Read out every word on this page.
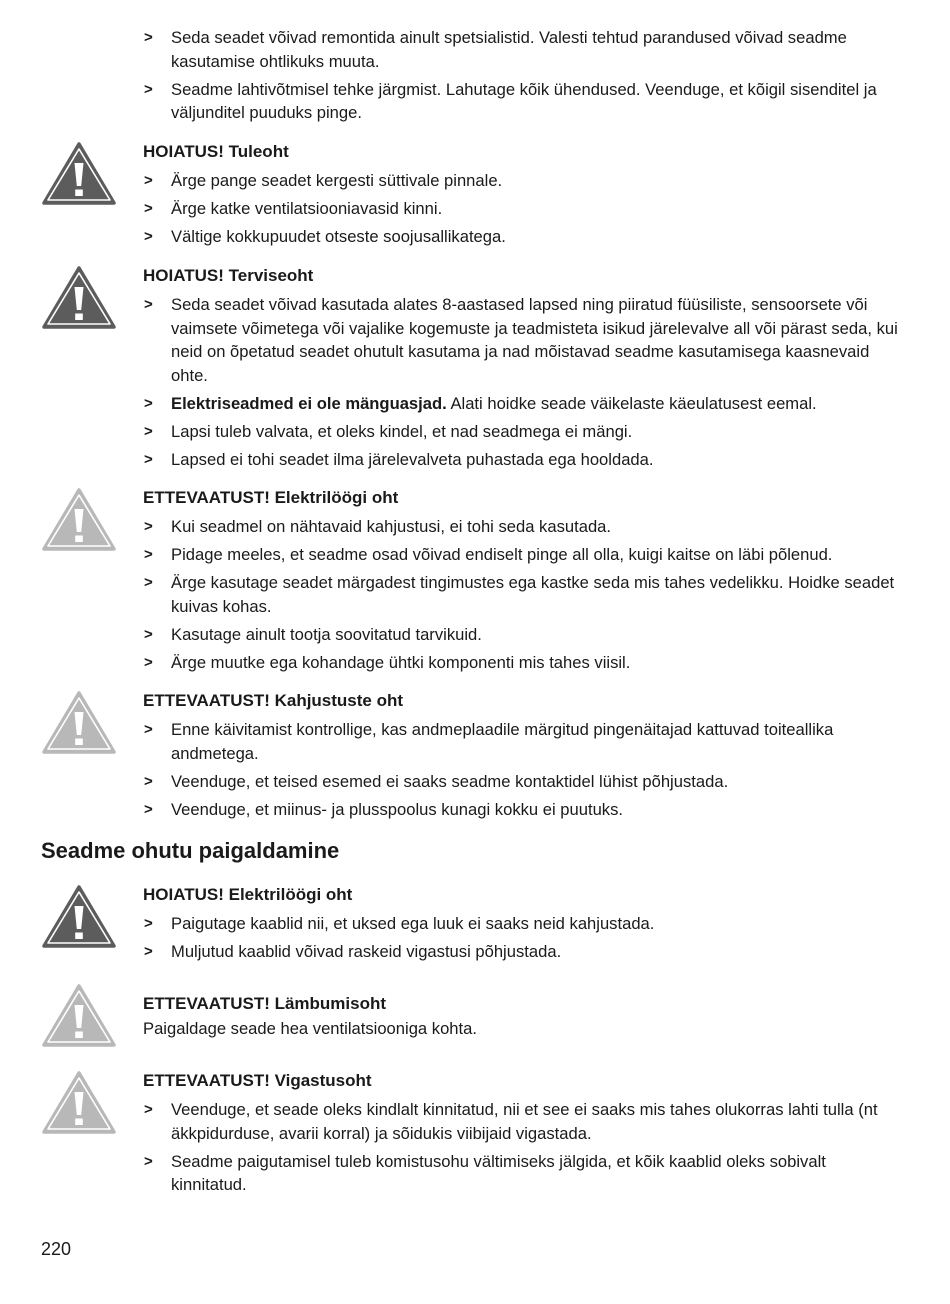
> Seda seadet võivad remontida ainult spetsialistid. Valesti tehtud parandused võivad seadme kasutamise ohtlikuks muuta.
> Seadme lahtivõtmisel tehke järgmist. Lahutage kõik ühendused. Veenduge, et kõigil sisenditel ja väljunditel puuduks pinge.
HOIATUS! Tuleoht
> Ärge pange seadet kergesti süttivale pinnale.
> Ärge katke ventilatsiooniavasid kinni.
> Vältige kokkupuudet otseste soojusallikatega.
HOIATUS! Terviseoht
> Seda seadet võivad kasutada alates 8-aastased lapsed ning piiratud füüsiliste, sensoorsete või vaimsete võimetega või vajalike kogemuste ja teadmisteta isikud järelevalve all või pärast seda, kui neid on õpetatud seadet ohutult kasutama ja nad mõistavad seadme kasutamisega kaasnevaid ohte.
> Elektriseadmed ei ole mänguasjad. Alati hoidke seade väikelaste käeulatusest eemal.
> Lapsi tuleb valvata, et oleks kindel, et nad seadmega ei mängi.
> Lapsed ei tohi seadet ilma järelevalveta puhastada ega hooldada.
ETTEVAATUST! Elektrilöögi oht
> Kui seadmel on nähtavaid kahjustusi, ei tohi seda kasutada.
> Pidage meeles, et seadme osad võivad endiselt pinge all olla, kuigi kaitse on läbi põlenud.
> Ärge kasutage seadet märgadest tingimustes ega kastke seda mis tahes vedelikku. Hoidke seadet kuivas kohas.
> Kasutage ainult tootja soovitatud tarvikuid.
> Ärge muutke ega kohandage ühtki komponenti mis tahes viisil.
ETTEVAATUST! Kahjustuste oht
> Enne käivitamist kontrollige, kas andmeplaadile märgitud pingenäitajad kattuvad toiteallika andmetega.
> Veenduge, et teised esemed ei saaks seadme kontaktidel lühist põhjustada.
> Veenduge, et miinus- ja plusspoolus kunagi kokku ei puutuks.
Seadme ohutu paigaldamine
HOIATUS! Elektrilöögi oht
> Paigutage kaablid nii, et uksed ega luuk ei saaks neid kahjustada.
> Muljutud kaablid võivad raskeid vigastusi põhjustada.
ETTEVAATUST! Lämbumisoht

Paigaldage seade hea ventilatsiooniga kohta.

ETTEVAATUST! Vigastusoht
> Veenduge, et seade oleks kindlalt kinnitatud, nii et see ei saaks mis tahes olukorras lahti tulla (nt äkkpidurduse, avarii korral) ja sõidukis viibijaid vigastada.
> Seadme paigutamisel tuleb komistusohu vältimiseks jälgida, et kõik kaablid oleks sobivalt kinnitatud.
220
